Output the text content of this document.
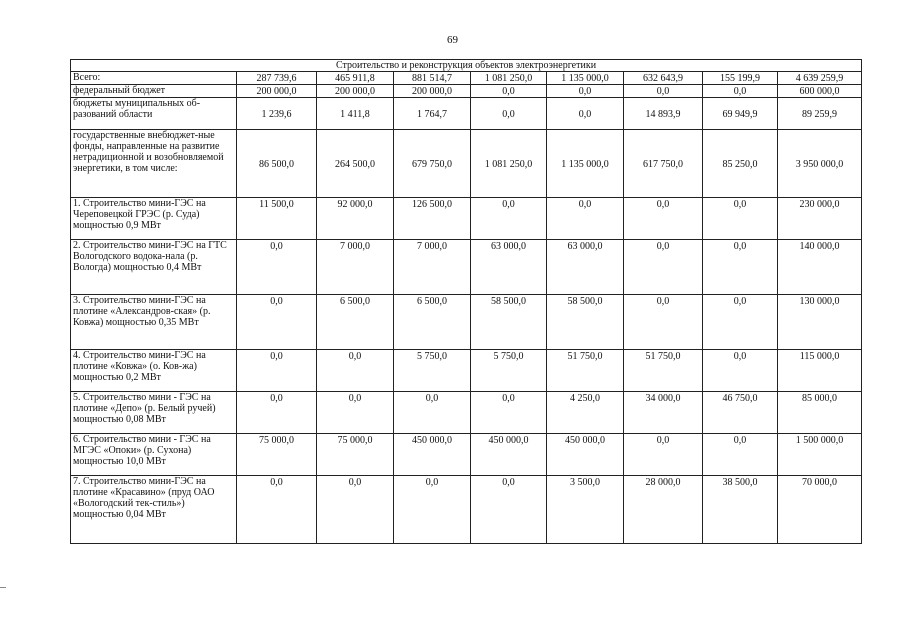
69
Строительство и реконструкция объектов электроэнергетики								
Всего:	287 739,6	465 911,8	881 514,7	1 081 250,0	1 135 000,0	632 643,9	155 199,9	4 639 259,9
федеральный бюджет	200 000,0	200 000,0	200 000,0	0,0	0,0	0,0	0,0	600 000,0
бюджеты муниципальных об-разований области	1 239,6	1 411,8	1 764,7	0,0	0,0	14 893,9	69 949,9	89 259,9
государственные внебюджет-ные фонды, направленные на развитие нетрадиционной и возобновляемой энергетики, в том числе:	86 500,0	264 500,0	679 750,0	1 081 250,0	1 135 000,0	617 750,0	85 250,0	3 950 000,0
1. Строительство мини-ГЭС на Череповецкой ГРЭС (р. Суда) мощностью 0,9 МВт	11 500,0	92 000,0	126 500,0	0,0	0,0	0,0	0,0	230 000,0
2. Строительство мини-ГЭС на ГТС Вологодского водока-нала (р. Вологда) мощностью 0,4 МВт	0,0	7 000,0	7 000,0	63 000,0	63 000,0	0,0	0,0	140 000,0
3. Строительство мини-ГЭС на плотине «Александров-ская» (р. Ковжа) мощностью 0,35 МВт	0,0	6 500,0	6 500,0	58 500,0	58 500,0	0,0	0,0	130 000,0
4. Строительство мини-ГЭС на плотине «Ковжа» (о. Ков-жа) мощностью 0,2 МВт	0,0	0,0	5 750,0	5 750,0	51 750,0	51 750,0	0,0	115 000,0
5. Строительство мини - ГЭС на плотине «Депо» (р. Белый ручей) мощностью 0,08 МВт	0,0	0,0	0,0	0,0	4 250,0	34 000,0	46 750,0	85 000,0
6. Строительство мини - ГЭС на МГЭС «Опоки» (р. Сухона) мощностью 10,0 МВт	75 000,0	75 000,0	450 000,0	450 000,0	450 000,0	0,0	0,0	1 500 000,0
7. Строительство мини-ГЭС на плотине «Красавино» (пруд ОАО «Вологодский тек-стиль») мощностью 0,04 МВт	0,0	0,0	0,0	0,0	3 500,0	28 000,0	38 500,0	70 000,0
